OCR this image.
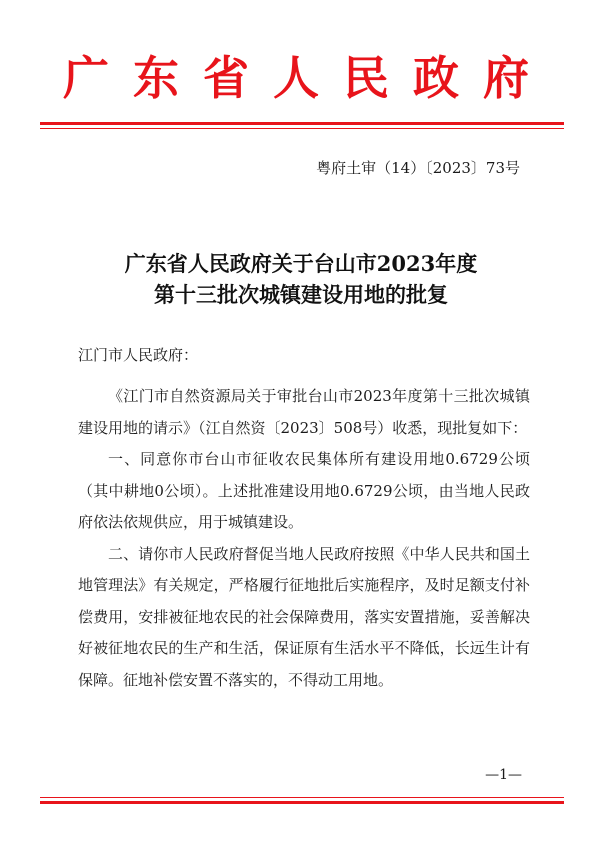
广东省人民政府
粤府土审（14）〔2023〕73号
广东省人民政府关于台山市2023年度
第十三批次城镇建设用地的批复
江门市人民政府：

《江门市自然资源局关于审批台山市2023年度第十三批次城镇建设用地的请示》（江自然资〔2023〕508号）收悉，现批复如下：

一、同意你市台山市征收农民集体所有建设用地0.6729公顷（其中耕地0公顷）。上述批准建设用地0.6729公顷，由当地人民政府依法依规供应，用于城镇建设。

二、请你市人民政府督促当地人民政府按照《中华人民共和国土地管理法》有关规定，严格履行征地批后实施程序，及时足额支付补偿费用，安排被征地农民的社会保障费用，落实安置措施，妥善解决好被征地农民的生产和生活，保证原有生活水平不降低，长远生计有保障。征地补偿安置不落实的，不得动工用地。

—1—
